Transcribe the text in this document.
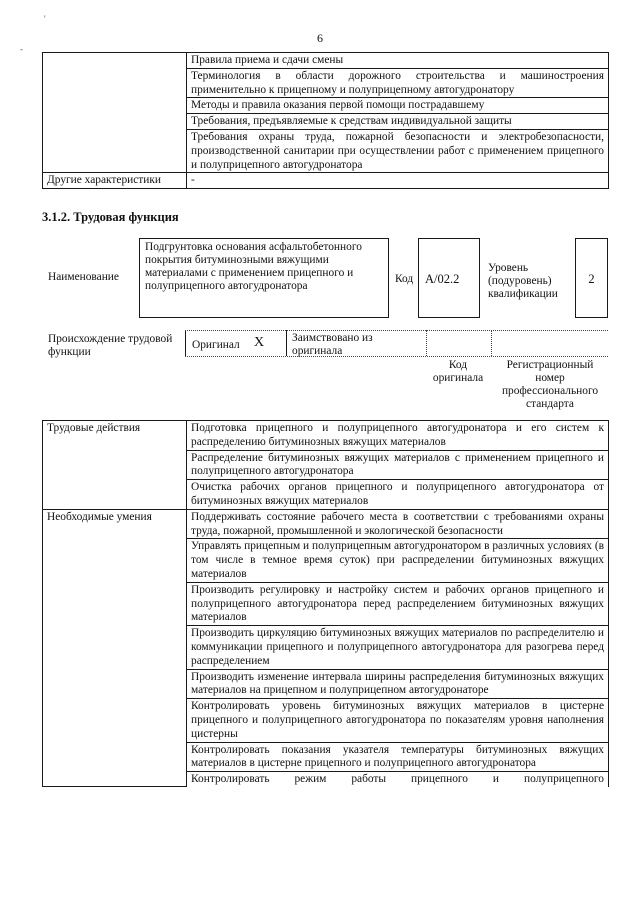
6
'
-
	Правила приема и сдачи смены
	Терминология в области дорожного строительства и машиностроения применительно к прицепному и полуприцепному автогудронатору
	Методы и правила оказания первой помощи пострадавшему
	Требования, предъявляемые к средствам индивидуальной защиты
	Требования охраны труда, пожарной безопасности и электробезопасности, производственной санитарии при осуществлении работ с применением прицепного и полуприцепного автогудронатора
Другие характеристики	-
3.1.2. Трудовая функция
Наименование
Подгрунтовка основания асфальтобетонного покрытия битуминозными вяжущими материалами с применением прицепного и полуприцепного автогудронатора
Код A/02.2
Уровень (подуровень) квалификации
2
Происхождение трудовой функции
Оригинал X Заимствовано из оригинала
Код оригинала
Регистрационный номер профессионального стандарта
Трудовые действия	Подготовка прицепного и полуприцепного автогудронатора и его систем к распределению битуминозных вяжущих материалов
	Распределение битуминозных вяжущих материалов с применением прицепного и полуприцепного автогудронатора
	Очистка рабочих органов прицепного и полуприцепного автогудронатора от битуминозных вяжущих материалов
Необходимые умения	Поддерживать состояние рабочего места в соответствии с требованиями охраны труда, пожарной, промышленной и экологической безопасности
	Управлять прицепным и полуприцепным автогудронатором в различных условиях (в том числе в темное время суток) при распределении битуминозных вяжущих материалов
	Производить регулировку и настройку систем и рабочих органов прицепного и полуприцепного автогудронатора перед распределением битуминозных вяжущих материалов
	Производить циркуляцию битуминозных вяжущих материалов по распределителю и коммуникации прицепного и полуприцепного автогудронатора для разогрева перед распределением
	Производить изменение интервала ширины распределения битуминозных вяжущих материалов на прицепном и полуприцепном автогудронаторе
	Контролировать уровень битуминозных вяжущих материалов в цистерне прицепного и полуприцепного автогудронатора по показателям уровня наполнения цистерны
	Контролировать показания указателя температуры битуминозных вяжущих материалов в цистерне прицепного и полуприцепного автогудронатора
	Контролировать режим работы прицепного и полуприцепного
